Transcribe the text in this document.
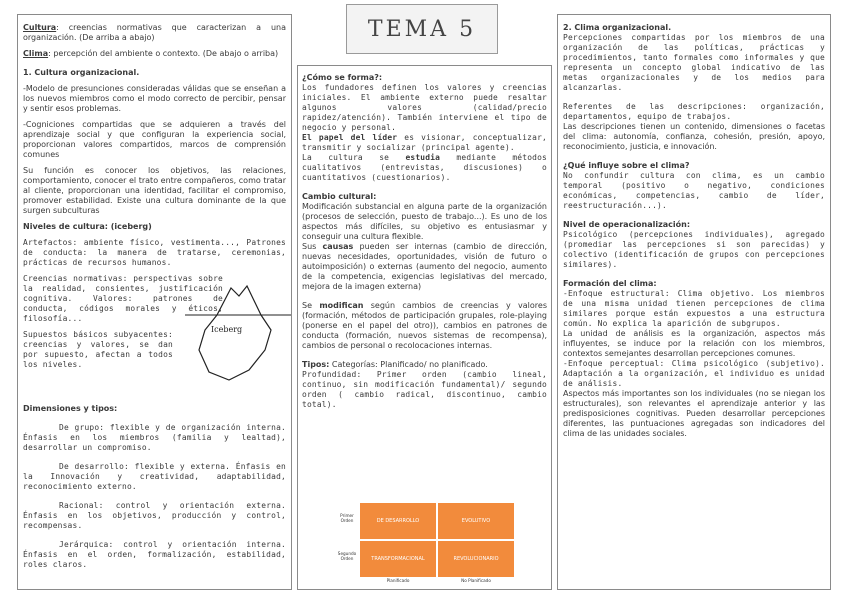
TEMA 5

Cultura: creencias normativas que caracterizan a una organización. (De arriba a abajo)

Clima: percepción del ambiente o contexto. (De abajo o arriba)

1. Cultura organizacional.

-Modelo de presunciones consideradas válidas que se enseñan a los nuevos miembros como el modo correcto de percibir, pensar y sentir esos problemas.

-Cogniciones compartidas que se adquieren a través del aprendizaje social y que configuran la experiencia social, proporcionan valores compartidos, marcos de comprensión comunes

Su función es conocer los objetivos, las relaciones, comportamiento, conocer el trato entre compañeros, como tratar al cliente, proporcionan una identidad, facilitar el compromiso, promover estabilidad. Existe una cultura dominante de la que surgen subculturas

Niveles de cultura: (iceberg)

Artefactos: ambiente físico, vestimenta..., Patrones de conducta: la manera de tratarse, ceremonias, prácticas de recursos humanos.

Creencias normativas: perspectivas sobre la realidad, consientes, justificación cognitiva. Valores: patrones de conducta, códigos morales y éticos, filosofía...

Iceberg

Supuestos básicos subyacentes: creencias y valores, se dan por supuesto, afectan a todos los niveles.

Dimensiones y tipos:

De grupo: flexible y de organización interna. Énfasis en los miembros (familia y lealtad), desarrollar un compromiso.

De desarrollo: flexible y externa. Énfasis en la Innovación y creatividad, adaptabilidad, reconocimiento externo.

Racional: control y orientación externa. Énfasis en los objetivos, producción y control, recompensas.

Jerárquica: control y orientación interna. Énfasis en el orden, formalización, estabilidad, roles claros.

¿Cómo se forma?:

Los fundadores definen los valores y creencias iniciales. El ambiente externo puede resaltar algunos valores (calidad/precio rapidez/atención). También interviene el tipo de negocio y personal.

El papel del líder es visionar, conceptualizar, transmitir y socializar (principal agente).

La cultura se estudia mediante métodos cualitativos (entrevistas, discusiones) o cuantitativos (cuestionarios).

Cambio cultural:

Modificación substancial en alguna parte de la organización (procesos de selección, puesto de trabajo...). Es uno de los aspectos más difíciles, su objetivo es entusiasmar y conseguir una cultura flexible.

Sus causas pueden ser internas (cambio de dirección, nuevas necesidades, oportunidades, visión de futuro o autoimposición) o externas (aumento del negocio, aumento de la competencia, exigencias legislativas del mercado, mejora de la imagen externa)

Se modifican según cambios de creencias y valores (formación, métodos de participación grupales, role-playing (ponerse en el papel del otro)), cambios en patrones de conducta (formación, nuevos sistemas de recompensa), cambios de personal o recolocaciones internas.

Tipos: Categorías: Planificado/ no planificado.

Profundidad: Primer orden (cambio lineal, continuo, sin modificación fundamental)/ segundo orden ( cambio radical, discontinuo, cambio total).

Primer Orden
Segundo Orden
DE DESARROLLO	EVOLUTIVO
TRANSFORMACIONAL	REVOLUCIONARIO
Planificado	No Planificado
2. Clima organizacional.

Percepciones compartidas por los miembros de una organización de las políticas, prácticas y procedimientos, tanto formales como informales y que representa un concepto global indicativo de las metas organizacionales y de los medios para alcanzarlas.

Referentes de las descripciones: organización, departamentos, equipo de trabajos.

Las descripciones tienen un contenido, dimensiones o facetas del clima: autonomía, confianza, cohesión, presión, apoyo, reconocimiento, justicia, e innovación.

¿Qué influye sobre el clima?

No confundir cultura con clima, es un cambio temporal (positivo o negativo, condiciones económicas, competencias, cambio de líder, reestructuración...).

Nivel de operacionalización:

Psicológico (percepciones individuales), agregado (promediar las percepciones si son parecidas) y colectivo (identificación de grupos con percepciones similares).

Formación del clima:

-Enfoque estructural: Clima objetivo. Los miembros de una misma unidad tienen percepciones de clima similares porque están expuestos a una estructura común. No explica la aparición de subgrupos.

La unidad de análisis es la organización, aspectos más influyentes, se induce por la relación con los miembros, contextos semejantes desarrollan percepciones comunes.

-Enfoque perceptual: Clima psicológico (subjetivo). Adaptación a la organización, el individuo es unidad de análisis.

Aspectos más importantes son los individuales (no se niegan los estructurales), son relevantes el aprendizaje anterior y las predisposiciones cognitivas. Pueden desarrollar percepciones diferentes, las puntuaciones agregadas son indicadores del clima de las unidades sociales.
